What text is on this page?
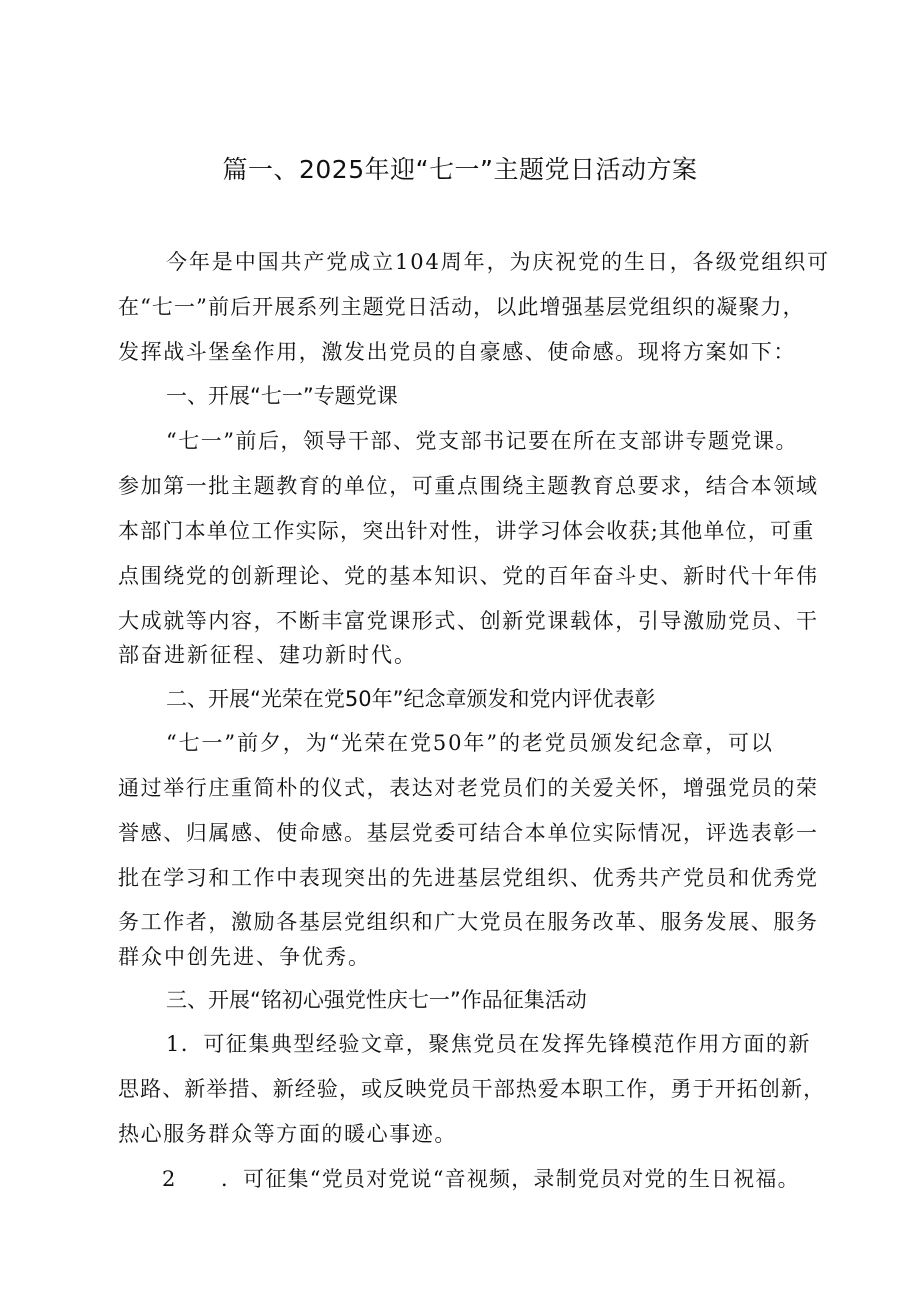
篇一、2025年迎“七一”主题党日活动方案
今年是中国共产党成立104周年，为庆祝党的生日，各级党组织可
在“七一”前后开展系列主题党日活动，以此增强基层党组织的凝聚力，
发挥战斗堡垒作用，激发出党员的自豪感、使命感。现将方案如下：
一、开展“七一”专题党课
“七一”前后，领导干部、党支部书记要在所在支部讲专题党课。
参加第一批主题教育的单位，可重点围绕主题教育总要求，结合本领域
本部门本单位工作实际，突出针对性，讲学习体会收获;其他单位，可重
点围绕党的创新理论、党的基本知识、党的百年奋斗史、新时代十年伟
大成就等内容，不断丰富党课形式、创新党课载体，引导激励党员、干
部奋进新征程、建功新时代。
二、开展“光荣在党50年”纪念章颁发和党内评优表彰
“七一”前夕，为“光荣在党50年”的老党员颁发纪念章，可以
通过举行庄重简朴的仪式，表达对老党员们的关爱关怀，增强党员的荣
誉感、归属感、使命感。基层党委可结合本单位实际情况，评选表彰一
批在学习和工作中表现突出的先进基层党组织、优秀共产党员和优秀党
务工作者，激励各基层党组织和广大党员在服务改革、服务发展、服务
群众中创先进、争优秀。
三、开展“铭初心强党性庆七一”作品征集活动
1．可征集典型经验文章，聚焦党员在发挥先锋模范作用方面的新
思路、新举措、新经验，或反映党员干部热爱本职工作，勇于开拓创新，
热心服务群众等方面的暖心事迹。
2　　．可征集“党员对党说“音视频，录制党员对党的生日祝福。
